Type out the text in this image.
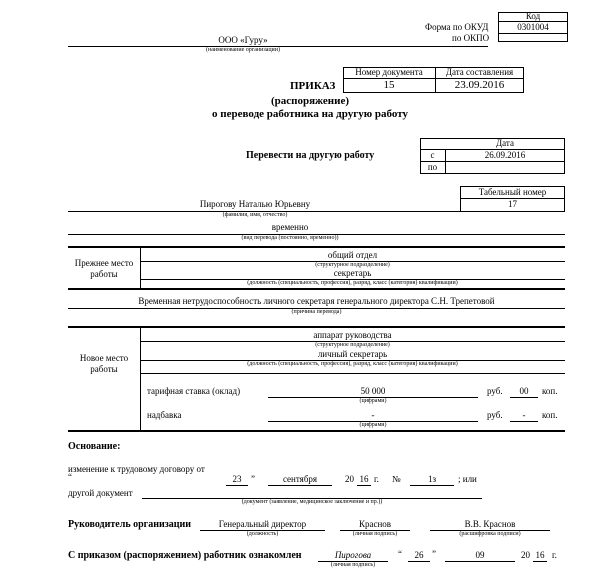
Код
0301004
Форма по ОКУД
по ОКПО
ООО «Гуру»
(наименование организации)
Номер документа	Дата составления
15	23.09.2016
ПРИКАЗ
(распоряжение)
о переводе работника на другую работу
Перевести на другую работу
Дата
с	26.09.2016
по
Табельный номер
17
Пирогову Наталью Юрьевну
(фамилия, имя, отчество)
временно
(вид перевода (постоянно, временно))
Прежнее место
работы
общий отдел
(структурное подразделение)
секретарь
(должность (специальность, профессия), разряд, класс (категория) квалификации)
Временная нетрудоспособность личного секретаря генерального директора С.Н. Трепетовой
(причина перевода)
Новое место
работы
аппарат руководства
(структурное подразделение)
личный секретарь
(должность (специальность, профессия), разряд, класс (категория) квалификации)
тарифная ставка (оклад)	50 000
(цифрами)
руб.	00	коп.
надбавка	-
(цифрами)
руб.	-	коп.
Основание:
изменение к трудовому договору от
“	23	”	сентября	20 16 г. №	1з	; или
другой документ
(документ (заявление, медицинское заключение и пр.))
Руководитель организации	Генеральный директор
(должность)
Краснов
(личная подпись)
В.В. Краснов
(расшифровка подписи)
С приказом (распоряжением) работник ознакомлен	Пирогова
(личная подпись)
“	26 ”	09	20 16 г.
